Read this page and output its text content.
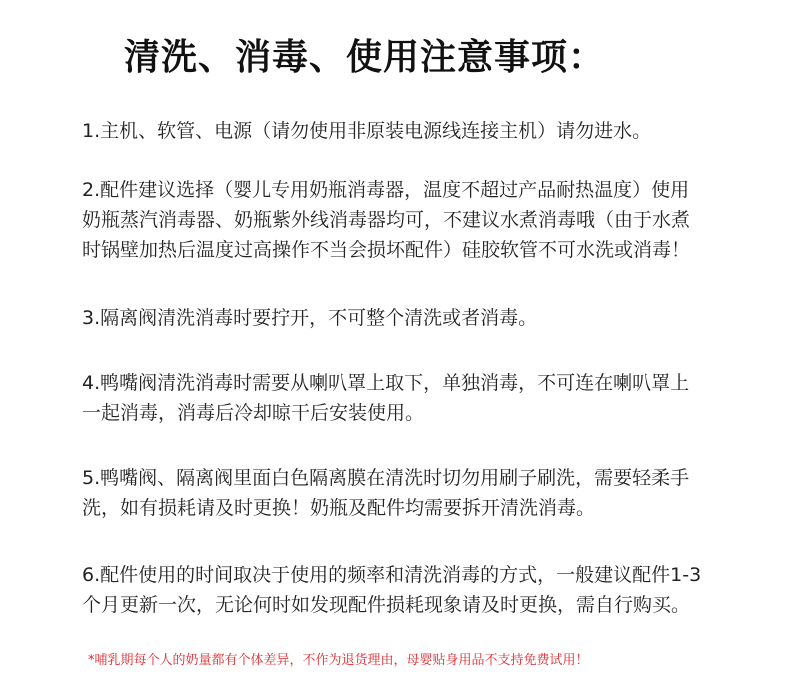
清洗、消毒、使用注意事项：
1.主机、软管、电源（请勿使用非原装电源线连接主机）请勿进水。
2.配件建议选择（婴儿专用奶瓶消毒器，温度不超过产品耐热温度）使用
奶瓶蒸汽消毒器、奶瓶紫外线消毒器均可，不建议水煮消毒哦（由于水煮
时锅壁加热后温度过高操作不当会损坏配件）硅胶软管不可水洗或消毒！
3.隔离阀清洗消毒时要拧开，不可整个清洗或者消毒。
4.鸭嘴阀清洗消毒时需要从喇叭罩上取下，单独消毒，不可连在喇叭罩上
一起消毒，消毒后冷却晾干后安装使用。
5.鸭嘴阀、隔离阀里面白色隔离膜在清洗时切勿用刷子刷洗，需要轻柔手
洗，如有损耗请及时更换！奶瓶及配件均需要拆开清洗消毒。
6.配件使用的时间取决于使用的频率和清洗消毒的方式，一般建议配件1-3
个月更新一次，无论何时如发现配件损耗现象请及时更换，需自行购买。
*哺乳期每个人的奶量都有个体差异，不作为退货理由，母婴贴身用品不支持免费试用！
